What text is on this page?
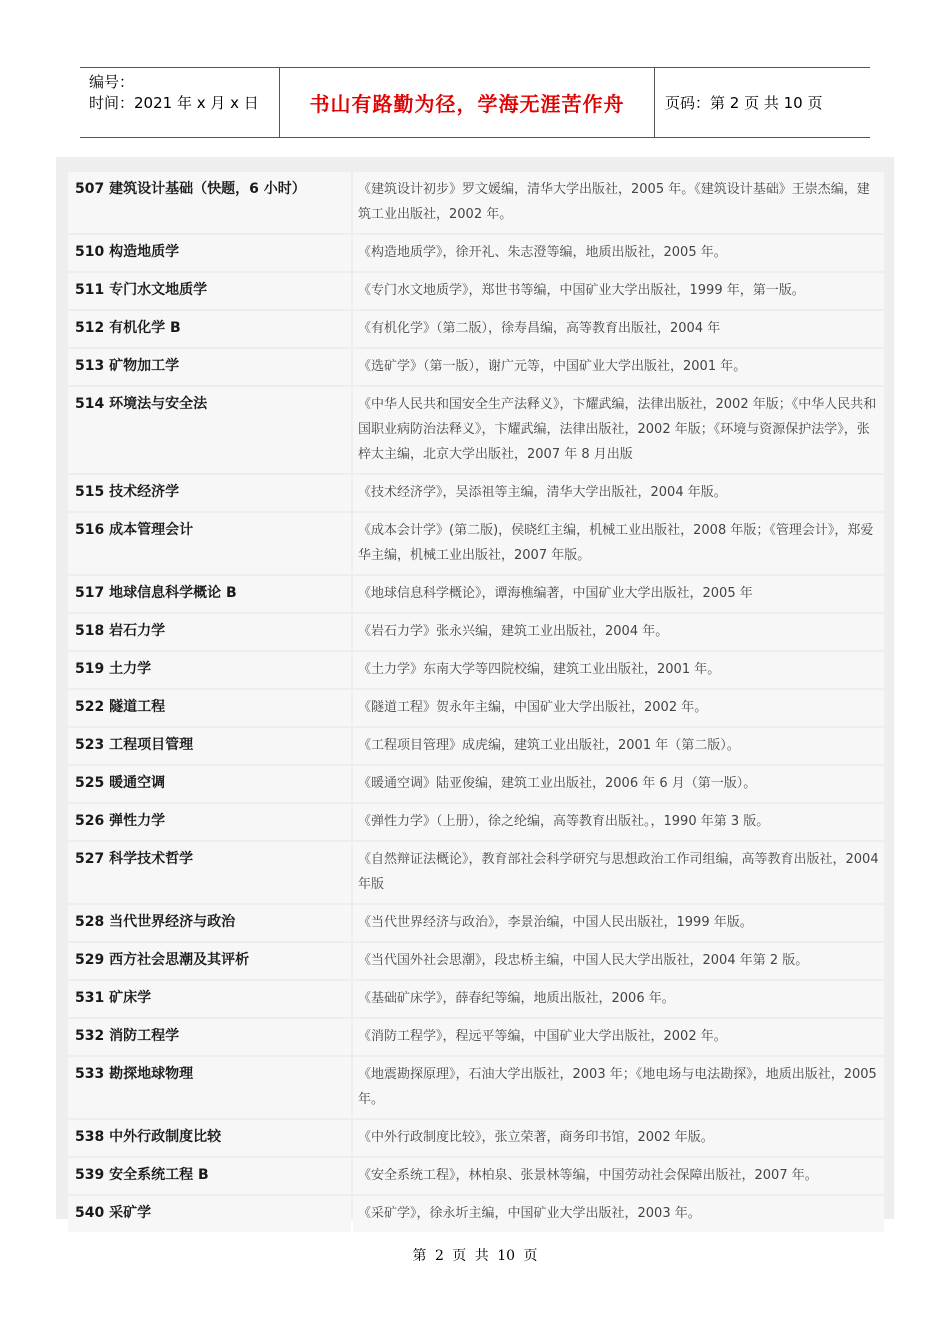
编号：
时间：2021 年 x 月 x 日	书山有路勤为径，学海无涯苦作舟	页码：第 2 页 共 10 页
507 建筑设计基础（快题，6 小时）	《建筑设计初步》罗文媛编，清华大学出版社，2005 年。《建筑设计基础》王崇杰编，建筑工业出版社，2002 年。
510 构造地质学	《构造地质学》，徐开礼、朱志澄等编，地质出版社，2005 年。
511 专门水文地质学	《专门水文地质学》，郑世书等编，中国矿业大学出版社，1999 年，第一版。
512 有机化学 B	《有机化学》（第二版），徐寿昌编，高等教育出版社，2004 年
513 矿物加工学	《选矿学》（第一版），谢广元等，中国矿业大学出版社，2001 年。
514 环境法与安全法	《中华人民共和国安全生产法释义》，卞耀武编，法律出版社，2002 年版；《中华人民共和国职业病防治法释义》，卞耀武编，法律出版社，2002 年版；《环境与资源保护法学》，张梓太主编，北京大学出版社，2007 年 8 月出版
515 技术经济学	《技术经济学》，吴添祖等主编，清华大学出版社，2004 年版。
516 成本管理会计	《成本会计学》(第二版)，侯晓红主编，机械工业出版社，2008 年版；《管理会计》，郑爱华主编，机械工业出版社，2007 年版。
517 地球信息科学概论 B	《地球信息科学概论》，谭海樵编著，中国矿业大学出版社，2005 年
518 岩石力学	《岩石力学》张永兴编，建筑工业出版社，2004 年。
519 土力学	《土力学》东南大学等四院校编，建筑工业出版社，2001 年。
522 隧道工程	《隧道工程》贺永年主编，中国矿业大学出版社，2002 年。
523 工程项目管理	《工程项目管理》成虎编，建筑工业出版社，2001 年（第二版）。
525 暖通空调	《暖通空调》陆亚俊编，建筑工业出版社，2006 年 6 月（第一版）。
526 弹性力学	《弹性力学》（上册），徐之纶编，高等教育出版社。，1990 年第 3 版。
527 科学技术哲学	《自然辩证法概论》，教育部社会科学研究与思想政治工作司组编，高等教育出版社，2004 年版
528 当代世界经济与政治	《当代世界经济与政治》，李景治编，中国人民出版社，1999 年版。
529 西方社会思潮及其评析	《当代国外社会思潮》，段忠桥主编，中国人民大学出版社，2004 年第 2 版。
531 矿床学	《基础矿床学》，薛春纪等编，地质出版社，2006 年。
532 消防工程学	《消防工程学》，程远平等编，中国矿业大学出版社，2002 年。
533 勘探地球物理	《地震勘探原理》，石油大学出版社，2003 年；《地电场与电法勘探》，地质出版社，2005 年。
538 中外行政制度比较	《中外行政制度比较》，张立荣著，商务印书馆，2002 年版。
539 安全系统工程 B	《安全系统工程》，林柏泉、张景林等编，中国劳动社会保障出版社，2007 年。
540 采矿学	《采矿学》，徐永圻主编，中国矿业大学出版社，2003 年。
第 2 页 共 10 页
